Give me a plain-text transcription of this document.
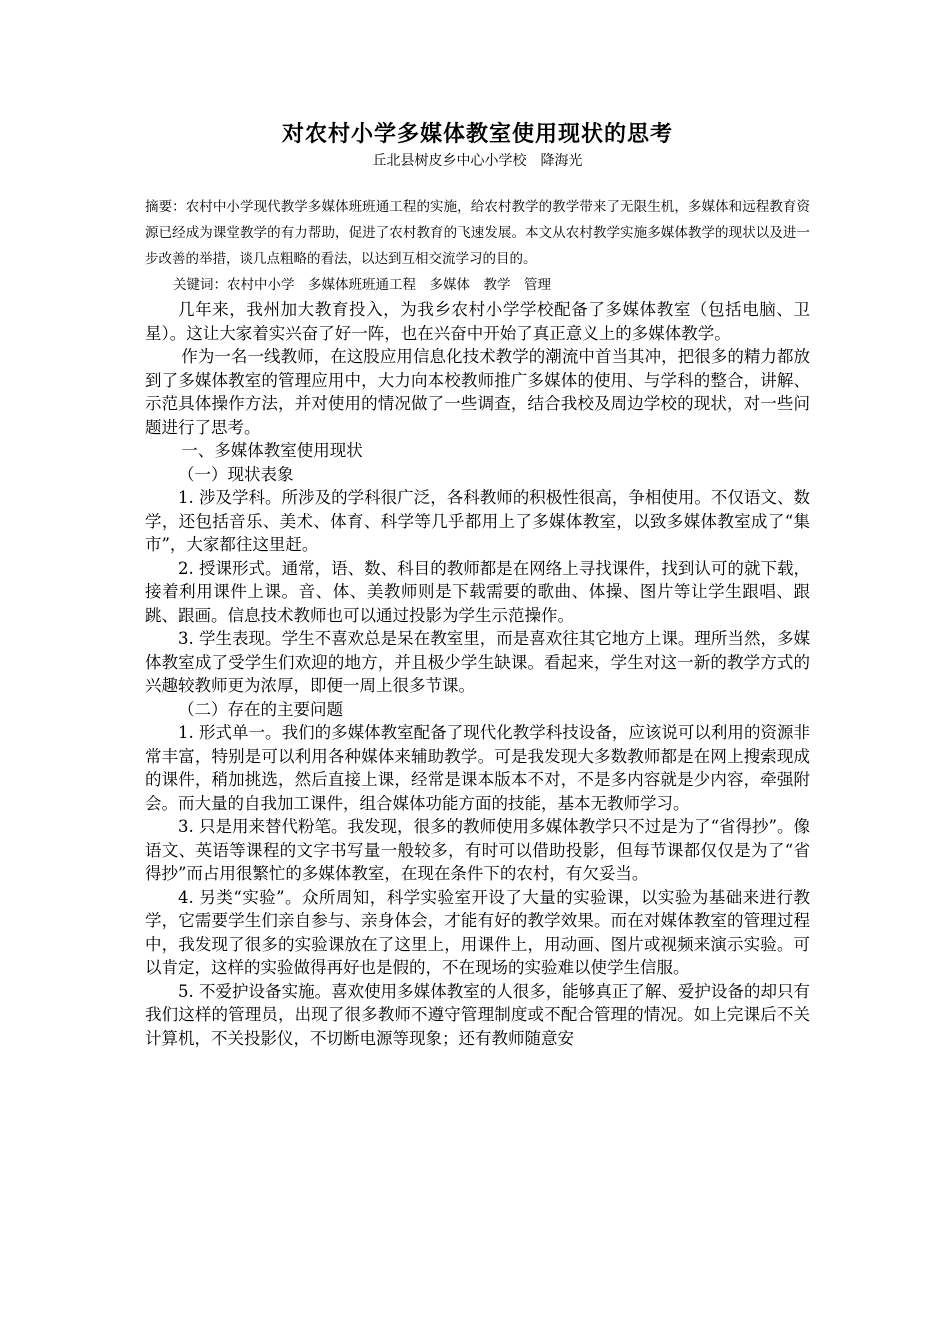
对农村小学多媒体教室使用现状的思考

丘北县树皮乡中心小学校　降海光

摘要：农村中小学现代教学多媒体班班通工程的实施，给农村教学的教学带来了无限生机，多媒体和远程教育资源已经成为课堂教学的有力帮助，促进了农村教育的飞速发展。本文从农村教学实施多媒体教学的现状以及进一步改善的举措，谈几点粗略的看法，以达到互相交流学习的目的。

关键词：农村中小学　多媒体班班通工程　多媒体　教学　管理

几年来，我州加大教育投入，为我乡农村小学学校配备了多媒体教室（包括电脑、卫星）。这让大家着实兴奋了好一阵，也在兴奋中开始了真正意义上的多媒体教学。

作为一名一线教师，在这股应用信息化技术教学的潮流中首当其冲，把很多的精力都放到了多媒体教室的管理应用中，大力向本校教师推广多媒体的使用、与学科的整合，讲解、示范具体操作方法，并对使用的情况做了一些调查，结合我校及周边学校的现状，对一些问题进行了思考。

一、多媒体教室使用现状

（一）现状表象

1. 涉及学科。所涉及的学科很广泛，各科教师的积极性很高，争相使用。不仅语文、数学，还包括音乐、美术、体育、科学等几乎都用上了多媒体教室，以致多媒体教室成了“集市”，大家都往这里赶。

2. 授课形式。通常，语、数、科目的教师都是在网络上寻找课件，找到认可的就下载，接着利用课件上课。音、体、美教师则是下载需要的歌曲、体操、图片等让学生跟唱、跟跳、跟画。信息技术教师也可以通过投影为学生示范操作。

3. 学生表现。学生不喜欢总是呆在教室里，而是喜欢往其它地方上课。理所当然，多媒体教室成了受学生们欢迎的地方，并且极少学生缺课。看起来，学生对这一新的教学方式的兴趣较教师更为浓厚，即便一周上很多节课。

（二）存在的主要问题

1. 形式单一。我们的多媒体教室配备了现代化教学科技设备，应该说可以利用的资源非常丰富，特别是可以利用各种媒体来辅助教学。可是我发现大多数教师都是在网上搜索现成的课件，稍加挑选，然后直接上课，经常是课本版本不对，不是多内容就是少内容，牵强附会。而大量的自我加工课件，组合媒体功能方面的技能，基本无教师学习。

3. 只是用来替代粉笔。我发现，很多的教师使用多媒体教学只不过是为了“省得抄”。像语文、英语等课程的文字书写量一般较多，有时可以借助投影，但每节课都仅仅是为了“省得抄”而占用很繁忙的多媒体教室，在现在条件下的农村，有欠妥当。

4. 另类“实验”。众所周知，科学实验室开设了大量的实验课，以实验为基础来进行教学，它需要学生们亲自参与、亲身体会，才能有好的教学效果。而在对媒体教室的管理过程中，我发现了很多的实验课放在了这里上，用课件上，用动画、图片或视频来演示实验。可以肯定，这样的实验做得再好也是假的，不在现场的实验难以使学生信服。

5. 不爱护设备实施。喜欢使用多媒体教室的人很多，能够真正了解、爱护设备的却只有我们这样的管理员，出现了很多教师不遵守管理制度或不配合管理的情况。如上完课后不关计算机，不关投影仪，不切断电源等现象；还有教师随意安
